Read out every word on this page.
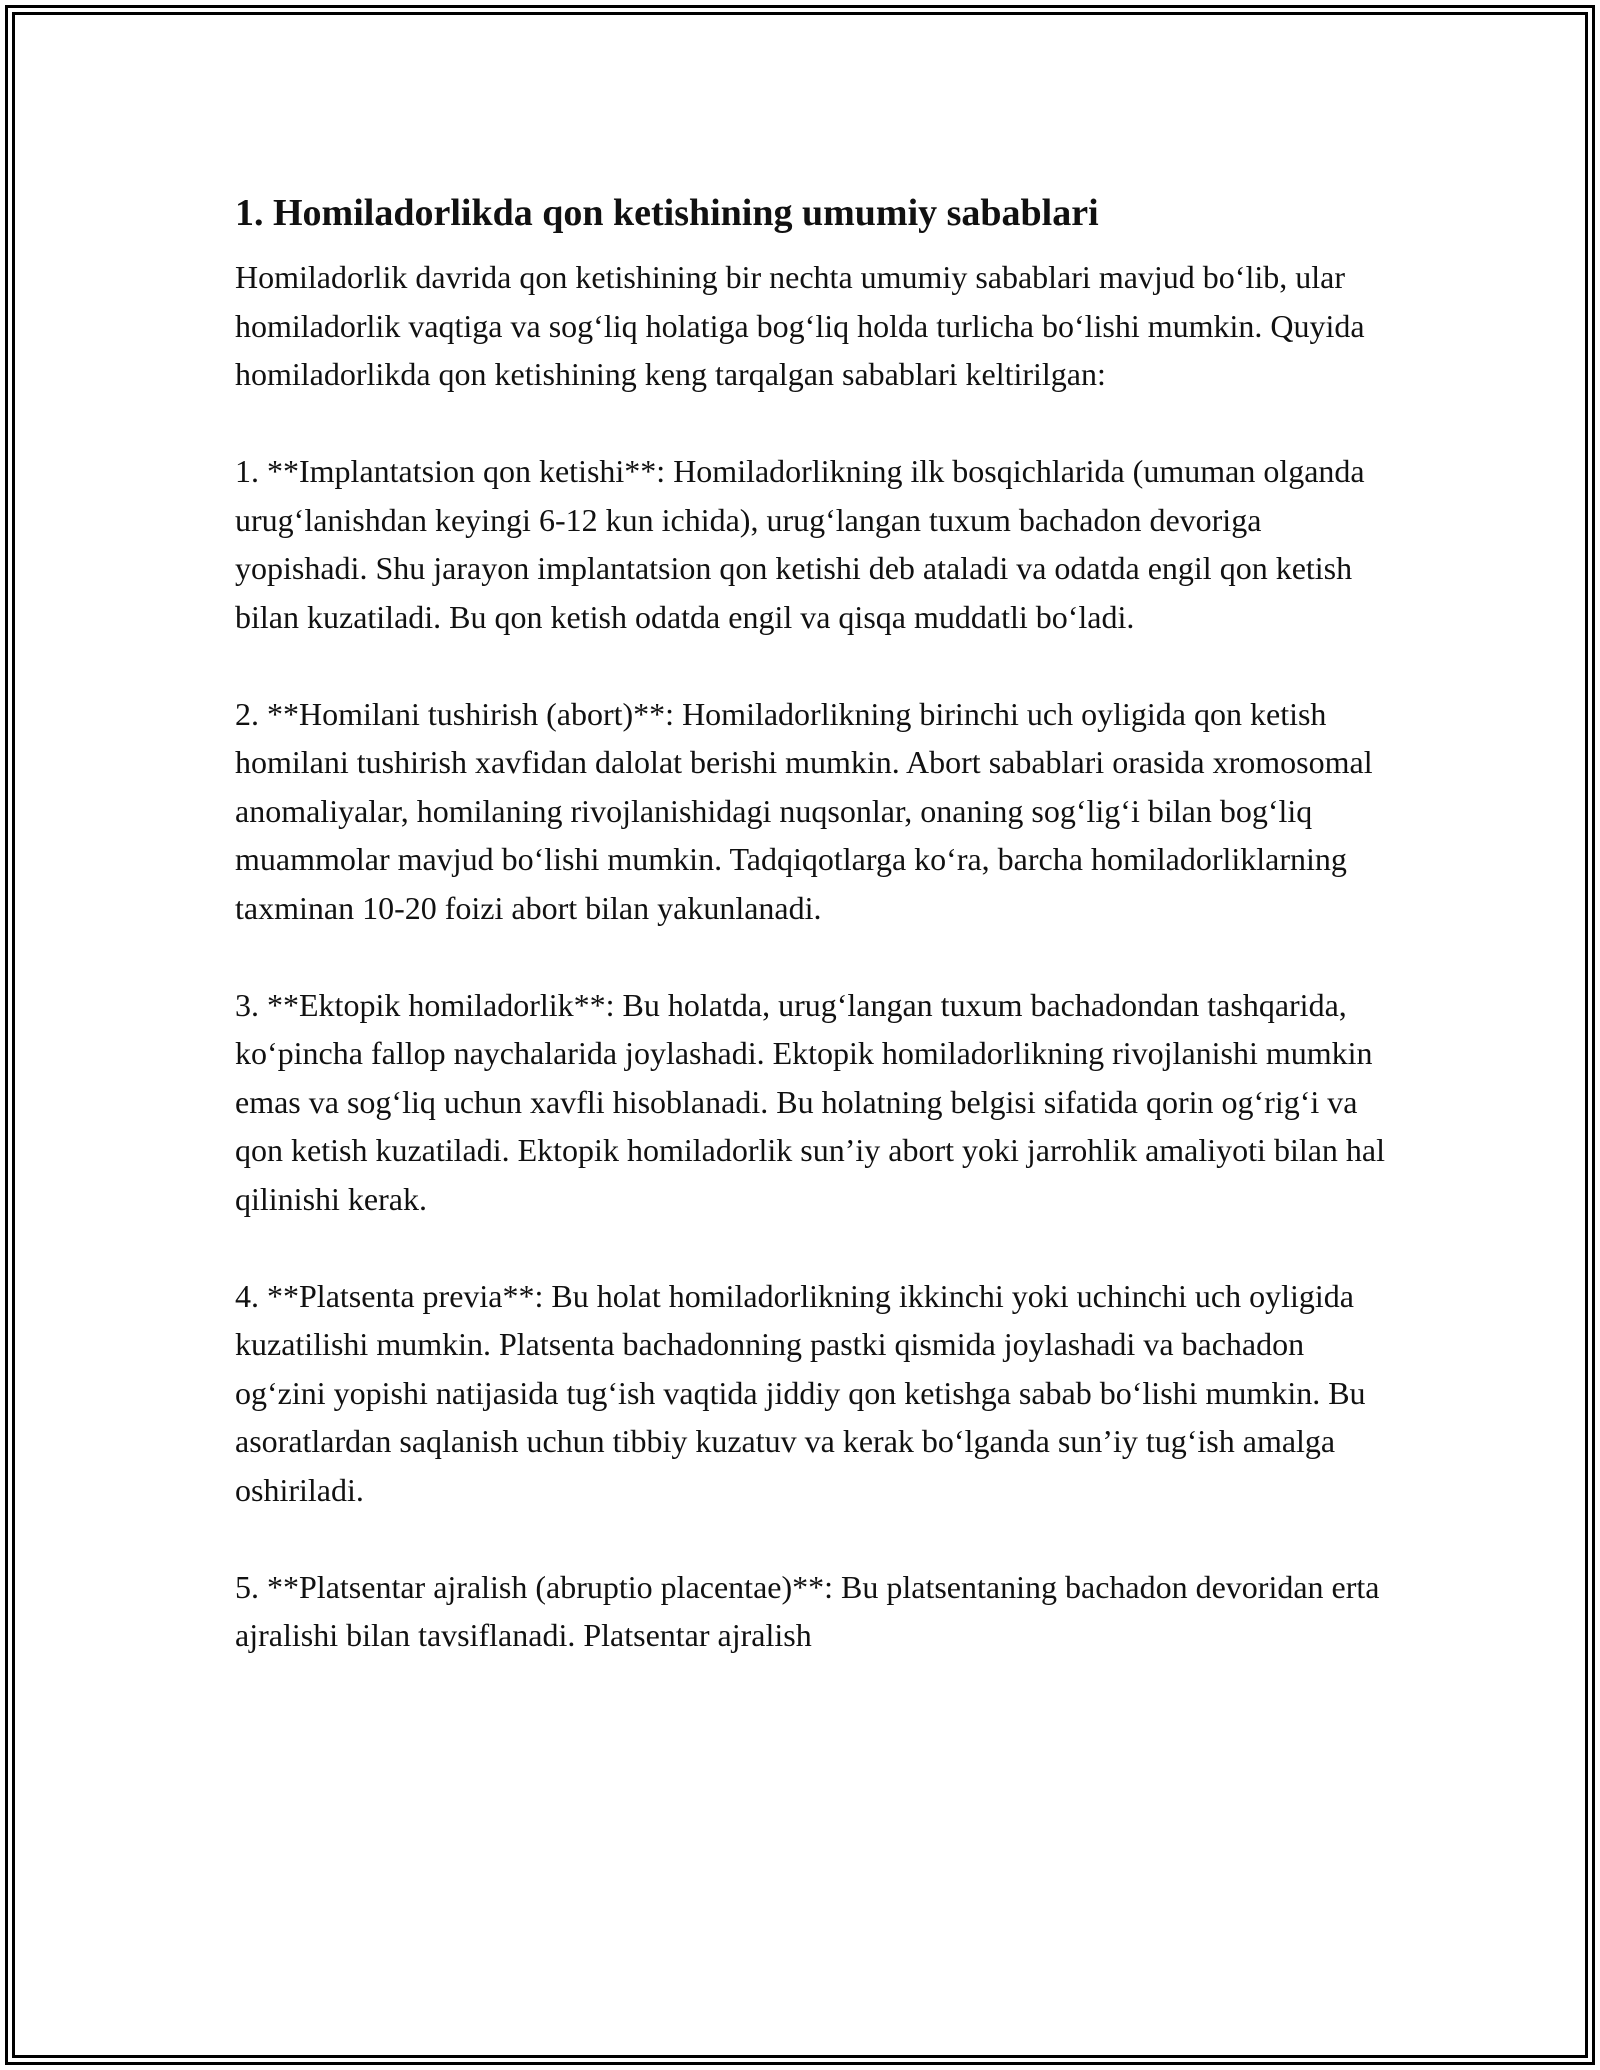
1. Homiladorlikda qon ketishining umumiy sabablari

Homiladorlik davrida qon ketishining bir nechta umumiy sabablari mavjud bo‘lib, ular homiladorlik vaqtiga va sog‘liq holatiga bog‘liq holda turlicha bo‘lishi mumkin. Quyida homiladorlikda qon ketishining keng tarqalgan sabablari keltirilgan:

1. **Implantatsion qon ketishi**: Homiladorlikning ilk bosqichlarida (umuman olganda urug‘lanishdan keyingi 6-12 kun ichida), urug‘langan tuxum bachadon devoriga yopishadi. Shu jarayon implantatsion qon ketishi deb ataladi va odatda engil qon ketish bilan kuzatiladi. Bu qon ketish odatda engil va qisqa muddatli bo‘ladi.

2. **Homilani tushirish (abort)**: Homiladorlikning birinchi uch oyligida qon ketish homilani tushirish xavfidan dalolat berishi mumkin. Abort sabablari orasida xromosomal anomaliyalar, homilaning rivojlanishidagi nuqsonlar, onaning sog‘lig‘i bilan bog‘liq muammolar mavjud bo‘lishi mumkin. Tadqiqotlarga ko‘ra, barcha homiladorliklarning taxminan 10-20 foizi abort bilan yakunlanadi.

3. **Ektopik homiladorlik**: Bu holatda, urug‘langan tuxum bachadondan tashqarida, ko‘pincha fallop naychalarida joylashadi. Ektopik homiladorlikning rivojlanishi mumkin emas va sog‘liq uchun xavfli hisoblanadi. Bu holatning belgisi sifatida qorin og‘rig‘i va qon ketish kuzatiladi. Ektopik homiladorlik sun’iy abort yoki jarrohlik amaliyoti bilan hal qilinishi kerak.

4. **Platsenta previa**: Bu holat homiladorlikning ikkinchi yoki uchinchi uch oyligida kuzatilishi mumkin. Platsenta bachadonning pastki qismida joylashadi va bachadon og‘zini yopishi natijasida tug‘ish vaqtida jiddiy qon ketishga sabab bo‘lishi mumkin. Bu asoratlardan saqlanish uchun tibbiy kuzatuv va kerak bo‘lganda sun’iy tug‘ish amalga oshiriladi.

5. **Platsentar ajralish (abruptio placentae)**: Bu platsentaning bachadon devoridan erta ajralishi bilan tavsiflanadi. Platsentar ajralish
